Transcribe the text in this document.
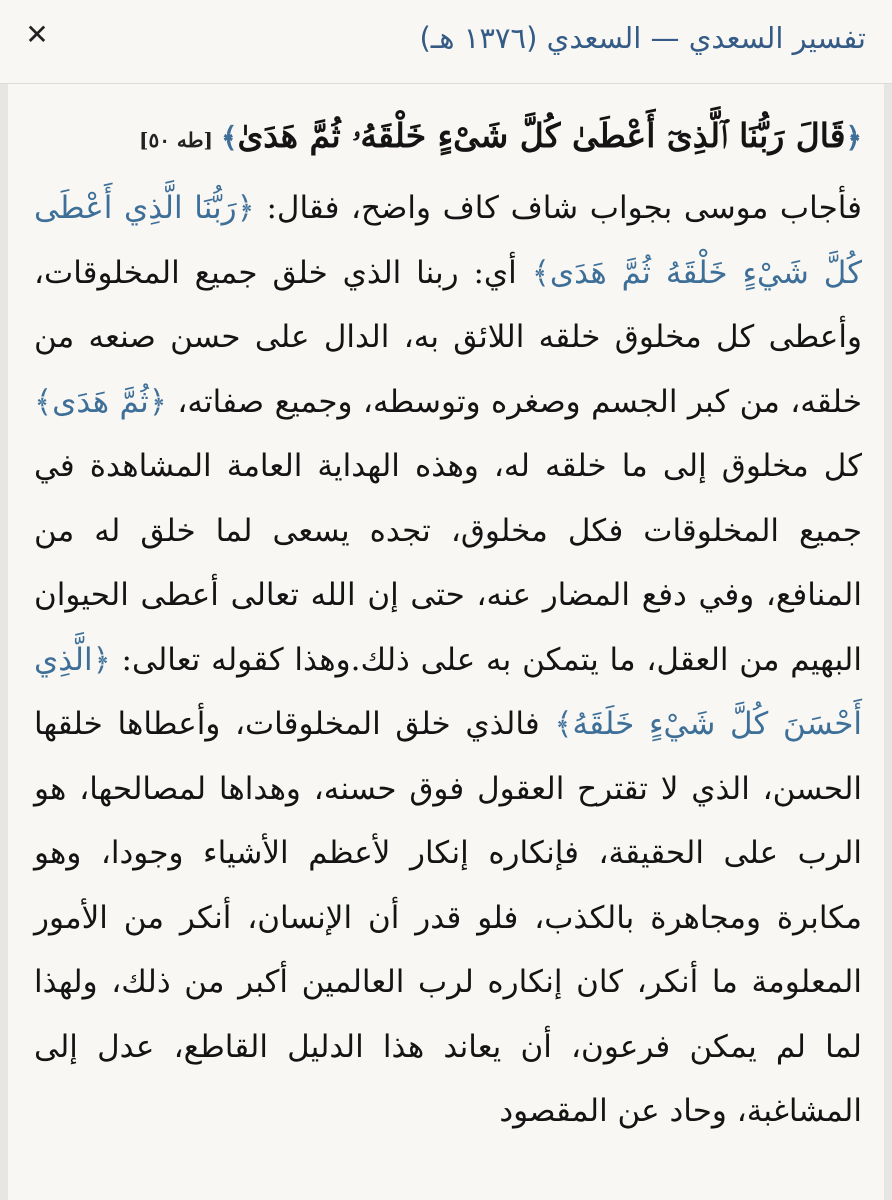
✕	تفسير السعدي — السعدي (١٣٧٦ هـ)
﴿قَالَ رَبُّنَا ٱلَّذِىٓ أَعْطَىٰ كُلَّ شَىْءٍ خَلْقَهُۥ ثُمَّ هَدَىٰ﴾[طه ٥٠]
فأجاب موسى بجواب شاف كاف واضح، فقال: ﴿رَبُّنَا الَّذِي أَعْطَى كُلَّ شَيْءٍ خَلْقَهُ ثُمَّ هَدَى﴾ أي: ربنا الذي خلق جميع المخلوقات، وأعطى كل مخلوق خلقه اللائق به، الدال على حسن صنعه من خلقه، من كبر الجسم وصغره وتوسطه، وجميع صفاته، ﴿ثُمَّ هَدَى﴾ كل مخلوق إلى ما خلقه له، وهذه الهداية العامة المشاهدة في جميع المخلوقات فكل مخلوق، تجده يسعى لما خلق له من المنافع، وفي دفع المضار عنه، حتى إن الله تعالى أعطى الحيوان البهيم من العقل، ما يتمكن به على ذلك.وهذا كقوله تعالى: ﴿الَّذِي أَحْسَنَ كُلَّ شَيْءٍ خَلَقَهُ﴾ فالذي خلق المخلوقات، وأعطاها خلقها الحسن، الذي لا تقترح العقول فوق حسنه، وهداها لمصالحها، هو الرب على الحقيقة، فإنكاره إنكار لأعظم الأشياء وجودا، وهو مكابرة ومجاهرة بالكذب، فلو قدر أن الإنسان، أنكر من الأمور المعلومة ما أنكر، كان إنكاره لرب العالمين أكبر من ذلك، ولهذا لما لم يمكن فرعون، أن يعاند هذا الدليل القاطع، عدل إلى المشاغبة، وحاد عن المقصود
